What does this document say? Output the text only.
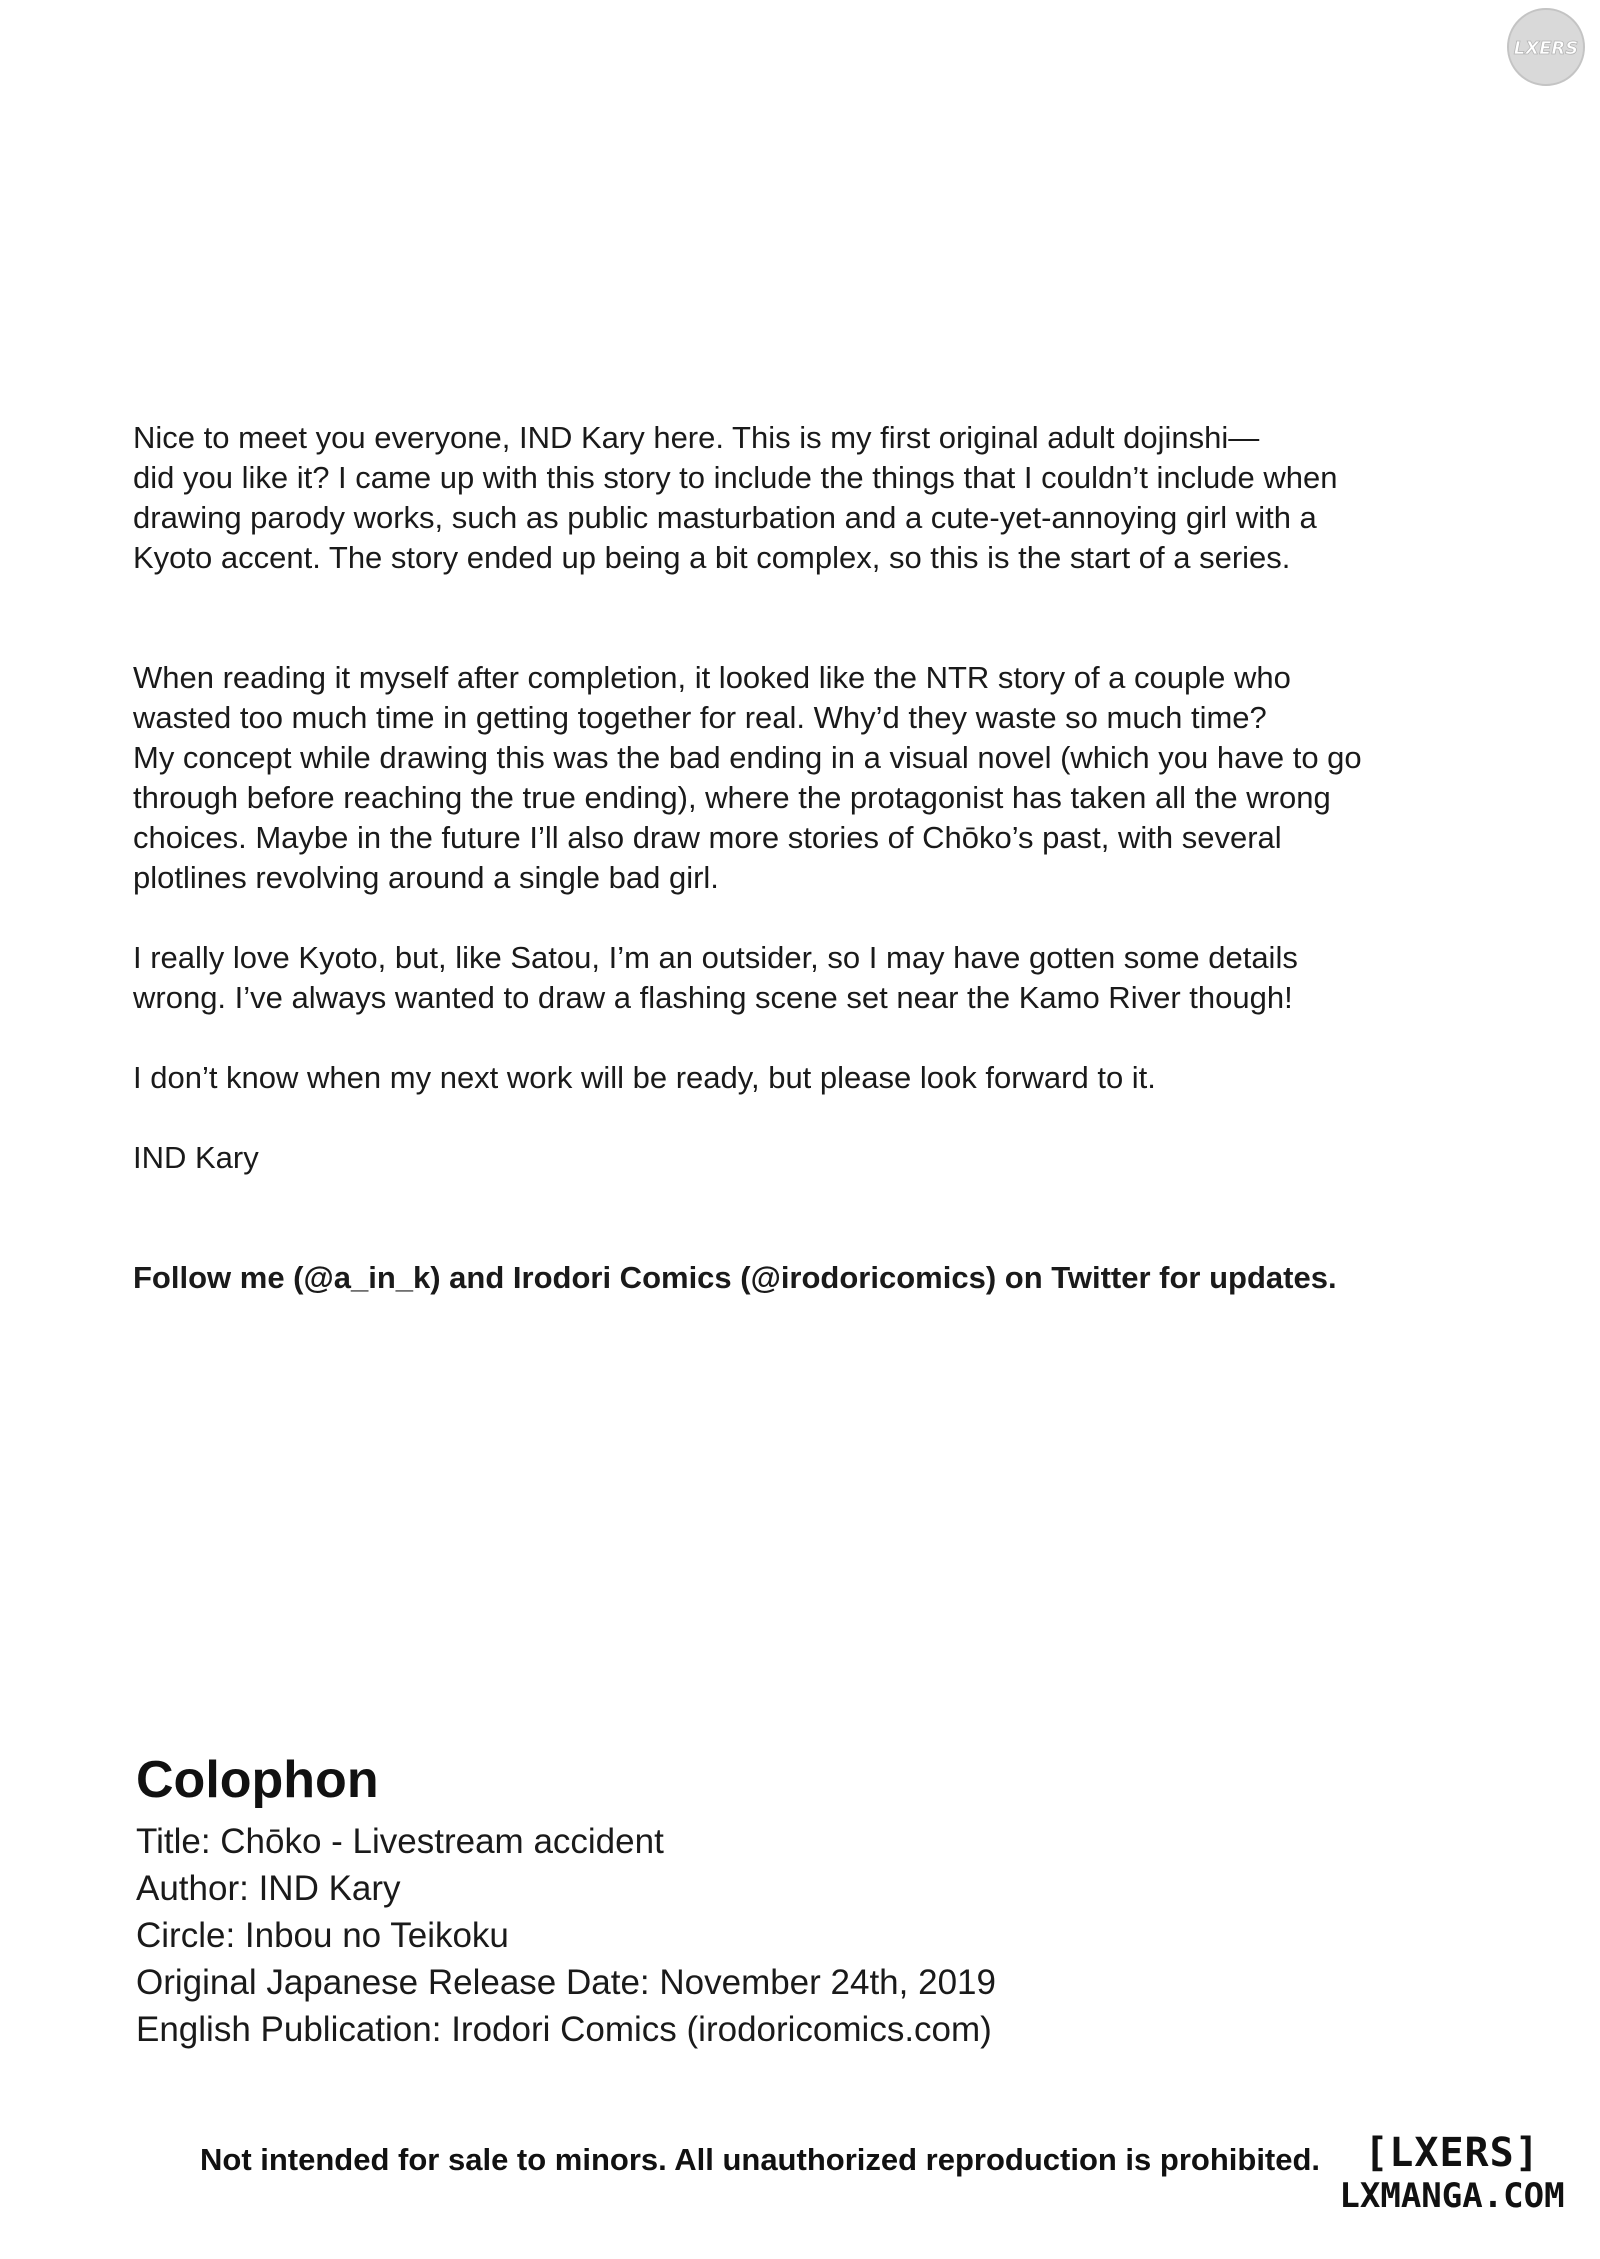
LXERS

Nice to meet you everyone, IND Kary here. This is my first original adult dojinshi—
did you like it? I came up with this story to include the things that I couldn’t include when
drawing parody works, such as public masturbation and a cute-yet-annoying girl with a
Kyoto accent. The story ended up being a bit complex, so this is the start of a series.

When reading it myself after completion, it looked like the NTR story of a couple who
wasted too much time in getting together for real. Why’d they waste so much time?
My concept while drawing this was the bad ending in a visual novel (which you have to go
through before reaching the true ending), where the protagonist has taken all the wrong
choices. Maybe in the future I’ll also draw more stories of Chōko’s past, with several
plotlines revolving around a single bad girl.

I really love Kyoto, but, like Satou, I’m an outsider, so I may have gotten some details
wrong. I’ve always wanted to draw a flashing scene set near the Kamo River though!

I don’t know when my next work will be ready, but please look forward to it.

IND Kary

Follow me (@a_in_k) and Irodori Comics (@irodoricomics) on Twitter for updates.

Colophon

Title: Chōko - Livestream accident

Author: IND Kary

Circle: Inbou no Teikoku

Original Japanese Release Date: November 24th, 2019

English Publication: Irodori Comics (irodoricomics.com)

Not intended for sale to minors. All unauthorized reproduction is prohibited.	[LXERS]
LXMANGA.COM
